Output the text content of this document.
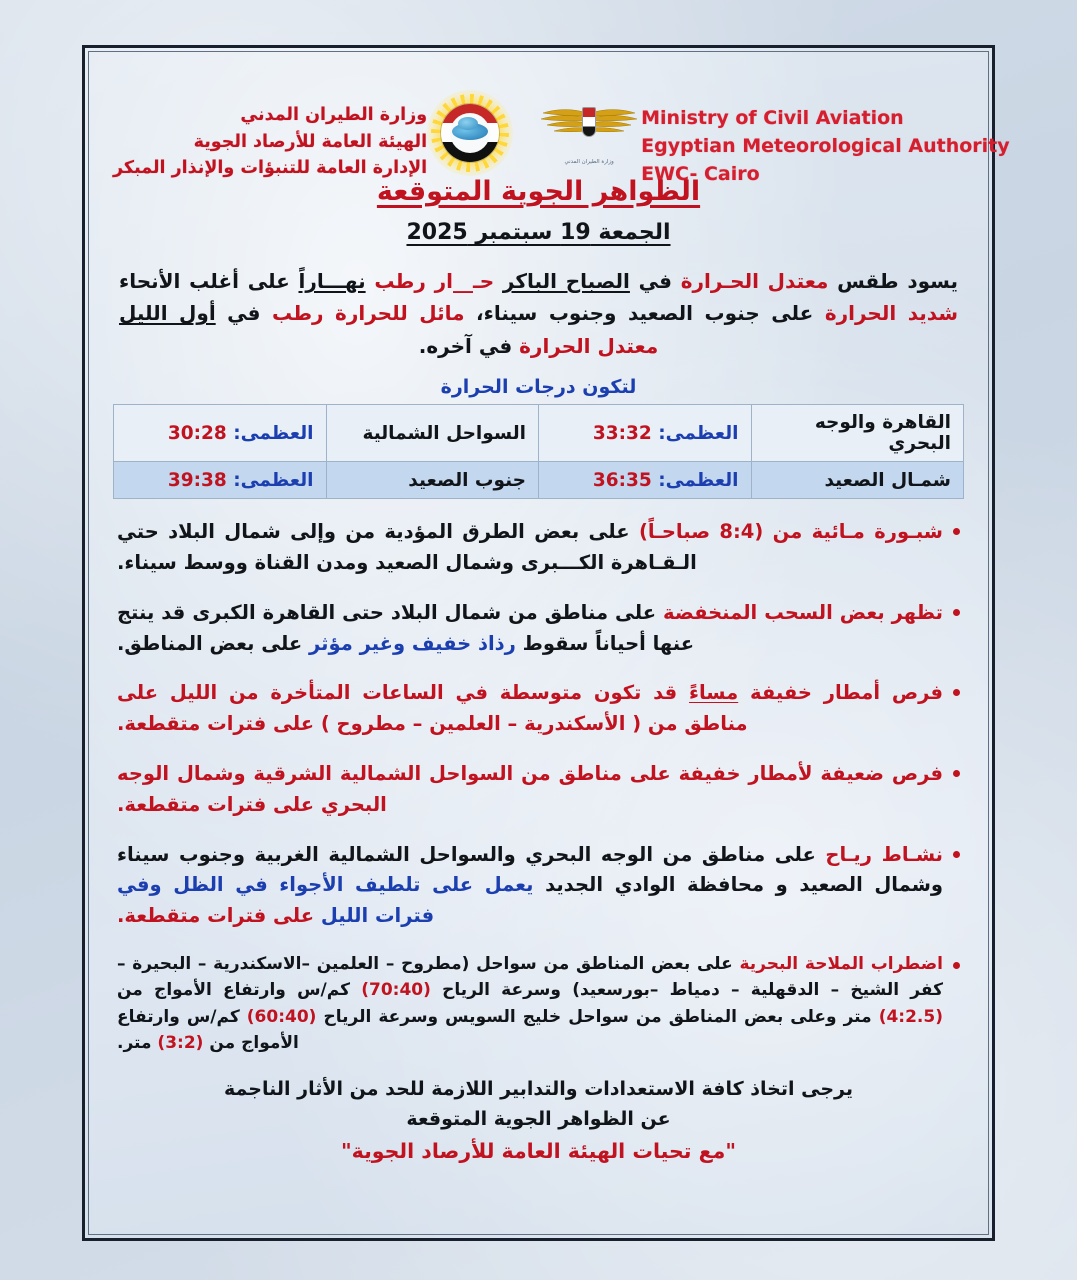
وزارة الطيران المدني
الهيئة العامة للأرصاد الجوية
الإدارة العامة للتنبؤات والإنذار المبكر	وزارة الطيران المدني
Ministry of Civil Aviation
Egyptian Meteorological Authority
EWC- Cairo
الظواهر الجوية المتوقعة
الجمعة 19 سبتمبر 2025
يسود طقس معتدل الحـرارة في الصباح الباكر حـ__ار رطب نهـــاراً على أغلب الأنحاء شديد الحرارة على جنوب الصعيد وجنوب سيناء، مائل للحرارة رطب في أول الليل معتدل الحرارة في آخره.
لتكون درجات الحرارة
القاهرة والوجه البحري	العظمى: 33:32	السواحل الشمالية	العظمى: 30:28
شمـال الصعيد	العظمى: 36:35	جنوب الصعيد	العظمى: 39:38
شبـورة مـائية من (8:4 صباحـاً) على بعض الطرق المؤدية من وإلى شمال البلاد حتي الـقـاهرة الكـــبرى وشمال الصعيد ومدن القناة ووسط سيناء.
تظهر بعض السحب المنخفضة على مناطق من شمال البلاد حتى القاهرة الكبرى قد ينتج عنها أحياناً سقوط رذاذ خفيف وغير مؤثر على بعض المناطق.
فرص أمطار خفيفة مساءً قد تكون متوسطة في الساعات المتأخرة من الليل على مناطق من ( الأسكندرية – العلمين – مطروح ) على فترات متقطعة.
فرص ضعيفة لأمطار خفيفة على مناطق من السواحل الشمالية الشرقية وشمال الوجه البحري على فترات متقطعة.
نشـاط ريـاح على مناطق من الوجه البحري والسواحل الشمالية الغربية وجنوب سيناء وشمال الصعيد و محافظة الوادي الجديد يعمل على تلطيف الأجواء في الظل وفي فترات الليل على فترات متقطعة.
اضطراب الملاحة البحرية على بعض المناطق من سواحل (مطروح – العلمين –الاسكندرية – البحيرة – كفر الشيخ – الدقهلية – دمياط –بورسعيد) وسرعة الرياح (70:40) كم/س وارتفاع الأمواج من (4:2.5) متر وعلى بعض المناطق من سواحل خليج السويس وسرعة الرياح (60:40) كم/س وارتفاع الأمواج من (3:2) متر.
يرجى اتخاذ كافة الاستعدادات والتدابير اللازمة للحد من الأثار الناجمة
عن الظواهر الجوية المتوقعة
"مع تحيات الهيئة العامة للأرصاد الجوية"
